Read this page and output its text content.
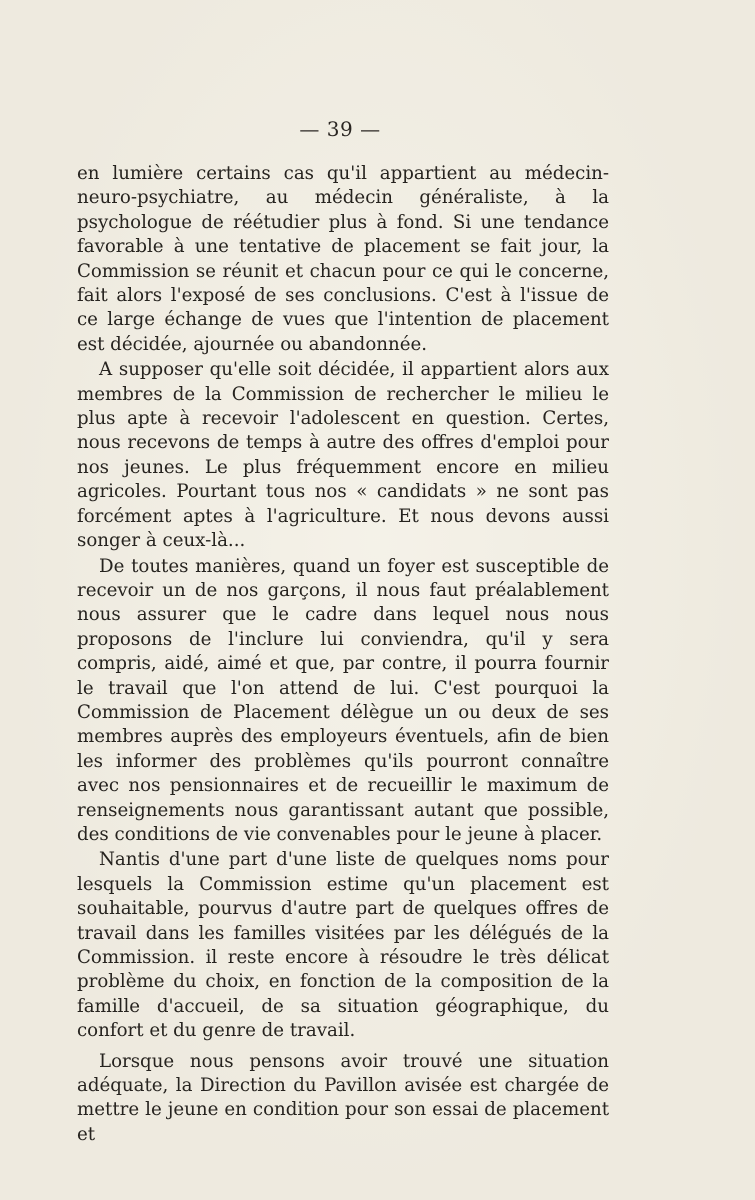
— 39 —

en lumière certains cas qu'il appartient au médecin-neuro-psychiatre, au médecin généraliste, à la psychologue de réétudier plus à fond. Si une tendance favorable à une tentative de placement se fait jour, la Commission se réunit et chacun pour ce qui le concerne, fait alors l'exposé de ses conclusions. C'est à l'issue de ce large échange de vues que l'intention de placement est décidée, ajournée ou abandonnée.

A supposer qu'elle soit décidée, il appartient alors aux membres de la Commission de rechercher le milieu le plus apte à recevoir l'adolescent en question. Certes, nous recevons de temps à autre des offres d'emploi pour nos jeunes. Le plus fréquemment encore en milieu agricoles. Pourtant tous nos « candidats » ne sont pas forcément aptes à l'agriculture. Et nous devons aussi songer à ceux-là...

De toutes manières, quand un foyer est susceptible de recevoir un de nos garçons, il nous faut préalablement nous assurer que le cadre dans lequel nous nous proposons de l'inclure lui conviendra, qu'il y sera compris, aidé, aimé et que, par contre, il pourra fournir le travail que l'on attend de lui. C'est pourquoi la Commission de Placement délègue un ou deux de ses membres auprès des employeurs éventuels, afin de bien les informer des problèmes qu'ils pourront connaître avec nos pensionnaires et de recueillir le maximum de renseignements nous garantissant autant que possible, des conditions de vie convenables pour le jeune à placer.

Nantis d'une part d'une liste de quelques noms pour lesquels la Commission estime qu'un placement est souhaitable, pourvus d'autre part de quelques offres de travail dans les familles visitées par les délégués de la Commission. il reste encore à résoudre le très délicat problème du choix, en fonction de la composition de la famille d'accueil, de sa situation géographique, du confort et du genre de travail.

Lorsque nous pensons avoir trouvé une situation adéquate, la Direction du Pavillon avisée est chargée de mettre le jeune en condition pour son essai de placement et
